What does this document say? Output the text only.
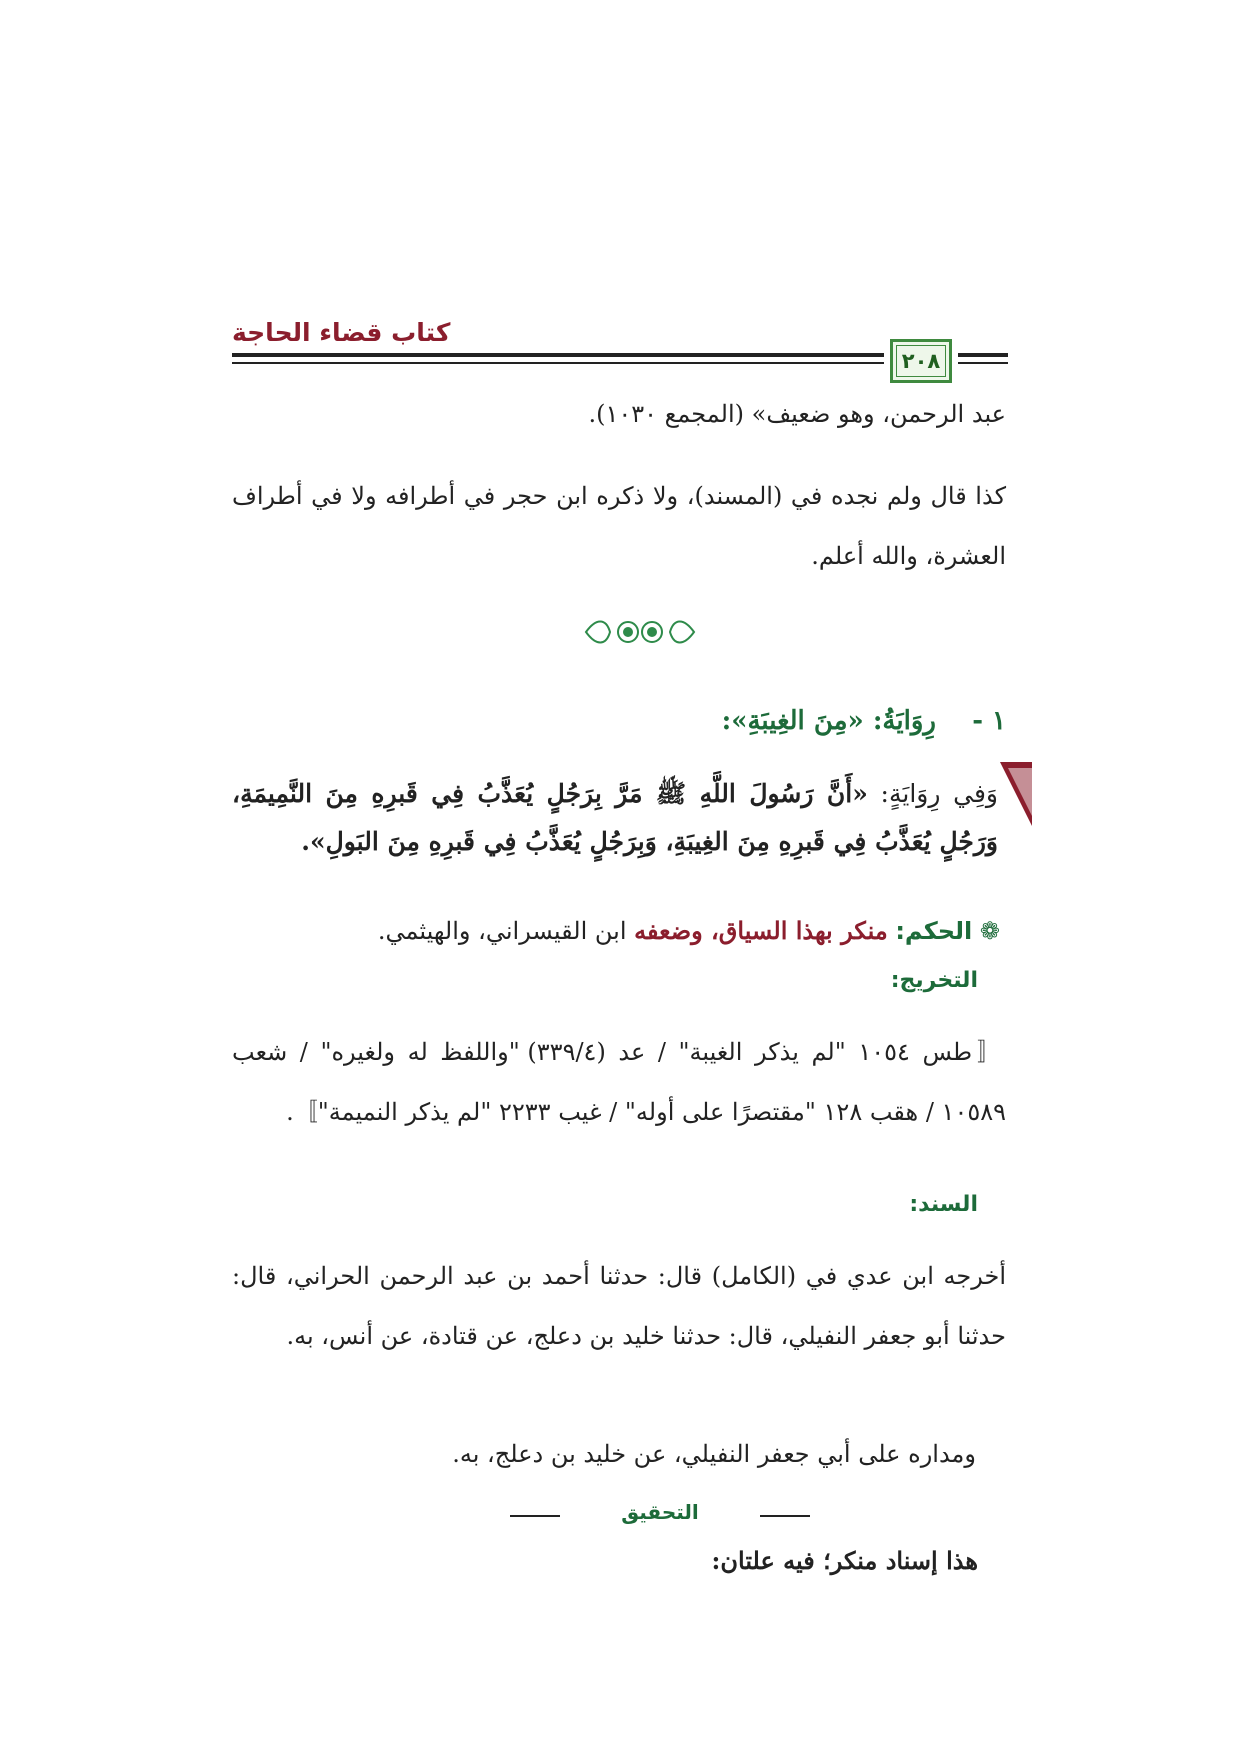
كتاب قضاء الحاجة
٢٠٨
عبد الرحمن، وهو ضعيف» (المجمع ١٠٣٠).
كذا قال ولم نجده في (المسند)، ولا ذكره ابن حجر في أطرافه ولا في أطراف العشرة، والله أعلم.
١ -    رِوَايَةُ: «مِنَ الغِيبَةِ»:
وَفِي رِوَايَةٍ: «أَنَّ رَسُولَ اللَّهِ ﷺ مَرَّ بِرَجُلٍ يُعَذَّبُ فِي قَبرِهِ مِنَ النَّمِيمَةِ، وَرَجُلٍ يُعَذَّبُ فِي قَبرِهِ مِنَ الغِيبَةِ، وَبِرَجُلٍ يُعَذَّبُ فِي قَبرِهِ مِنَ البَولِ».
❁ الحكم: منكر بهذا السياق، وضعفه ابن القيسراني، والهيثمي.
التخريج:
〚طس ١٠٥٤ "لم يذكر الغيبة" / عد (٣٣٩/٤) "واللفظ له ولغيره" / شعب ١٠٥٨٩ / هقب ١٢٨ "مقتصرًا على أوله" / غيب ٢٢٣٣ "لم يذكر النميمة"〛.
السند:
أخرجه ابن عدي في (الكامل) قال: حدثنا أحمد بن عبد الرحمن الحراني، قال: حدثنا أبو جعفر النفيلي، قال: حدثنا خليد بن دعلج، عن قتادة، عن أنس، به.
ومداره على أبي جعفر النفيلي، عن خليد بن دعلج، به.
التحقيق
هذا إسناد منكر؛ فيه علتان:
